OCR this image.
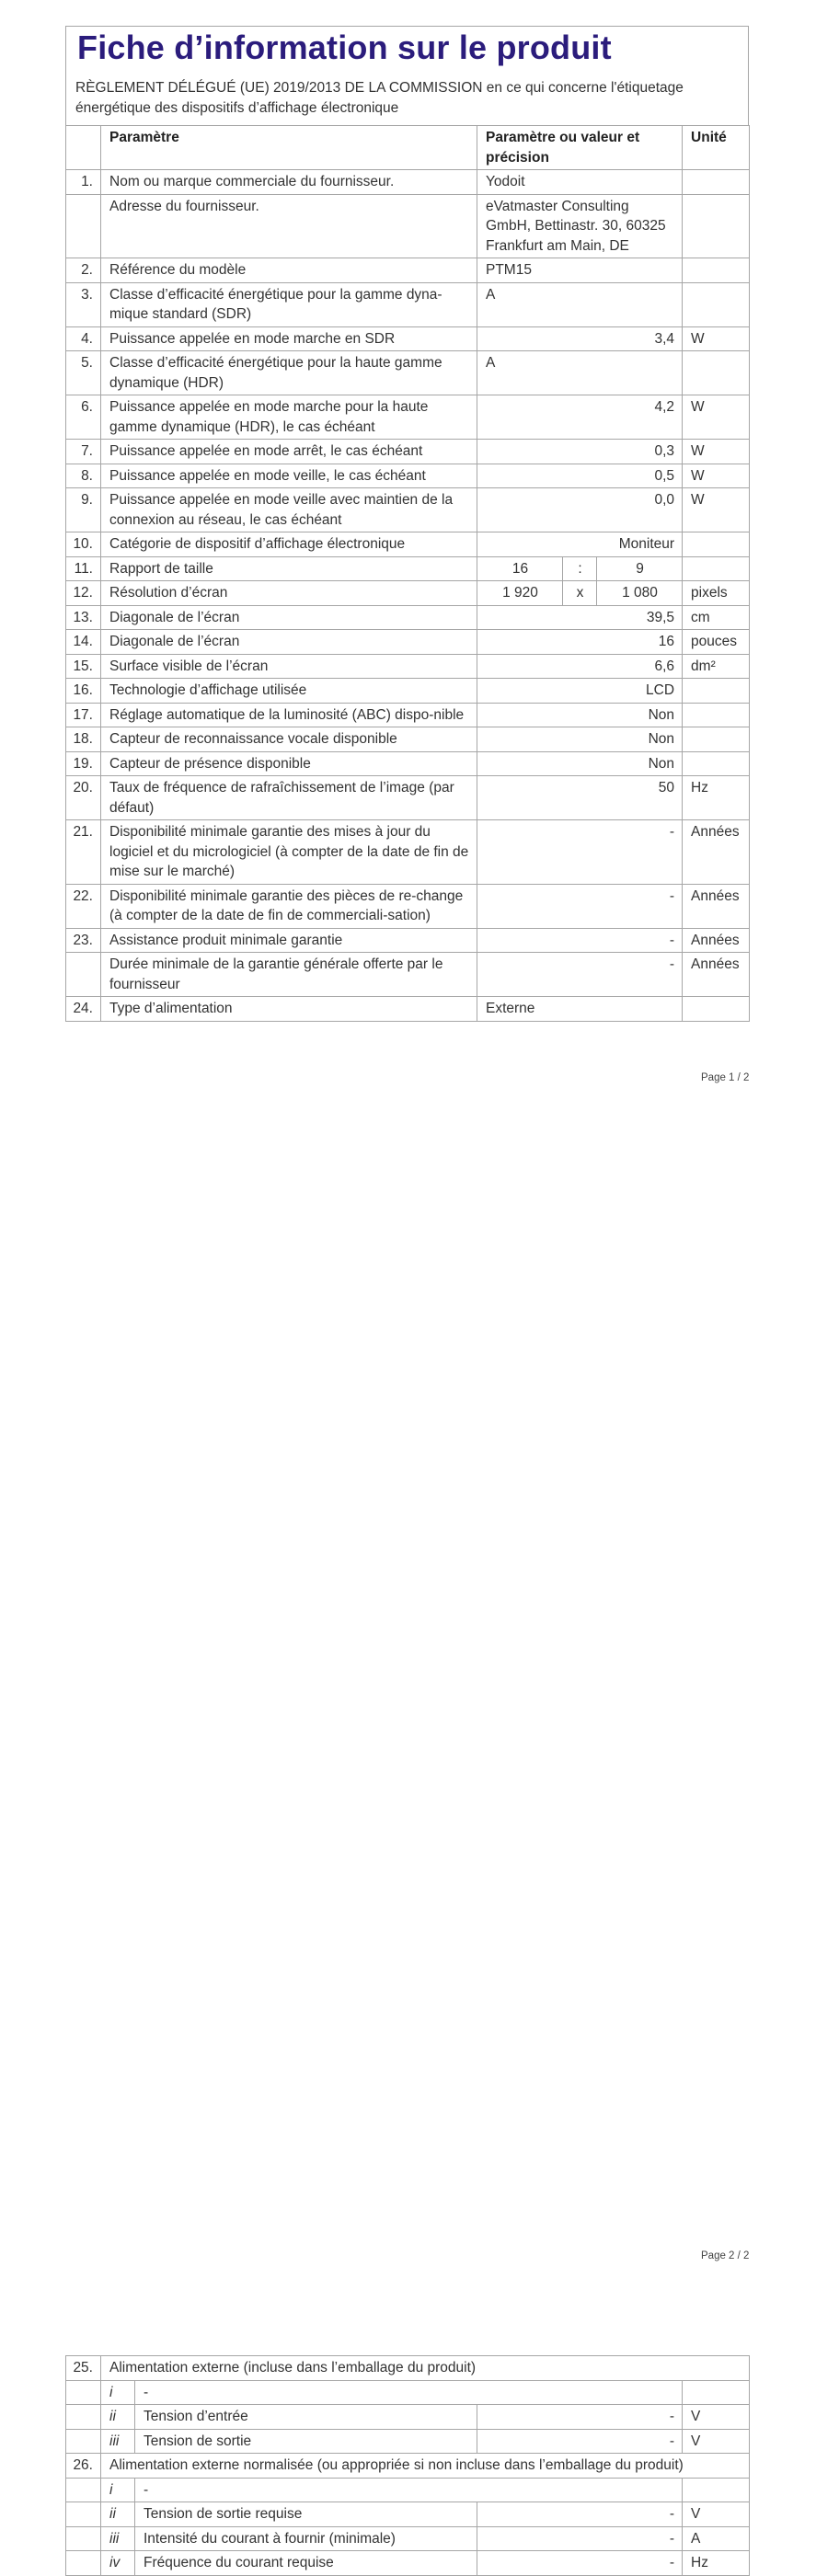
Fiche d’information sur le produit
RÈGLEMENT DÉLÉGUÉ (UE) 2019/2013 DE LA COMMISSION en ce qui concerne l'étiquetage énergétique des dispositifs d’affichage électronique
	Paramètre	Paramètre ou valeur et précision			Unité
1.	Nom ou marque commerciale du fournisseur.	Yodoit			
	Adresse du fournisseur.	eVatmaster Consulting GmbH, Bettinastr. 30, 60325 Frankfurt am Main, DE			
2.	Référence du modèle	PTM15			
3.	Classe d’efficacité énergétique pour la gamme dyna-mique standard (SDR)	A			
4.	Puissance appelée en mode marche en SDR	3,4			W
5.	Classe d’efficacité énergétique pour la haute gamme dynamique (HDR)	A			
6.	Puissance appelée en mode marche pour la haute gamme dynamique (HDR), le cas échéant	4,2			W
7.	Puissance appelée en mode arrêt, le cas échéant	0,3			W
8.	Puissance appelée en mode veille, le cas échéant	0,5			W
9.	Puissance appelée en mode veille avec maintien de la connexion au réseau, le cas échéant	0,0			W
10.	Catégorie de dispositif d’affichage électronique	Moniteur			
11.	Rapport de taille	16	:	9	
12.	Résolution d’écran	1 920	x	1 080	pixels
13.	Diagonale de l’écran	39,5			cm
14.	Diagonale de l’écran	16			pouces
15.	Surface visible de l’écran	6,6			dm²
16.	Technologie d’affichage utilisée	LCD			
17.	Réglage automatique de la luminosité (ABC) dispo-nible	Non			
18.	Capteur de reconnaissance vocale disponible	Non			
19.	Capteur de présence disponible	Non			
20.	Taux de fréquence de rafraîchissement de l’image (par défaut)	50			Hz
21.	Disponibilité minimale garantie des mises à jour du logiciel et du micrologiciel (à compter de la date de fin de mise sur le marché)	-			Années
22.	Disponibilité minimale garantie des pièces de re-change (à compter de la date de fin de commerciali-sation)	-			Années
23.	Assistance produit minimale garantie	-			Années
	Durée minimale de la garantie générale offerte par le fournisseur	-			Années
24.	Type d’alimentation	Externe			
Page 1 / 2
25.	Alimentation externe (incluse dans l’emballage du produit)			
	i	-		
	ii	Tension d’entrée	-	V
	iii	Tension de sortie	-	V
26.	Alimentation externe normalisée (ou appropriée si non incluse dans l’emballage du produit)			
	i	-		
	ii	Tension de sortie requise	-	V
	iii	Intensité du courant à fournir (minimale)	-	A
	iv	Fréquence du courant requise	-	Hz
Page 2 / 2
